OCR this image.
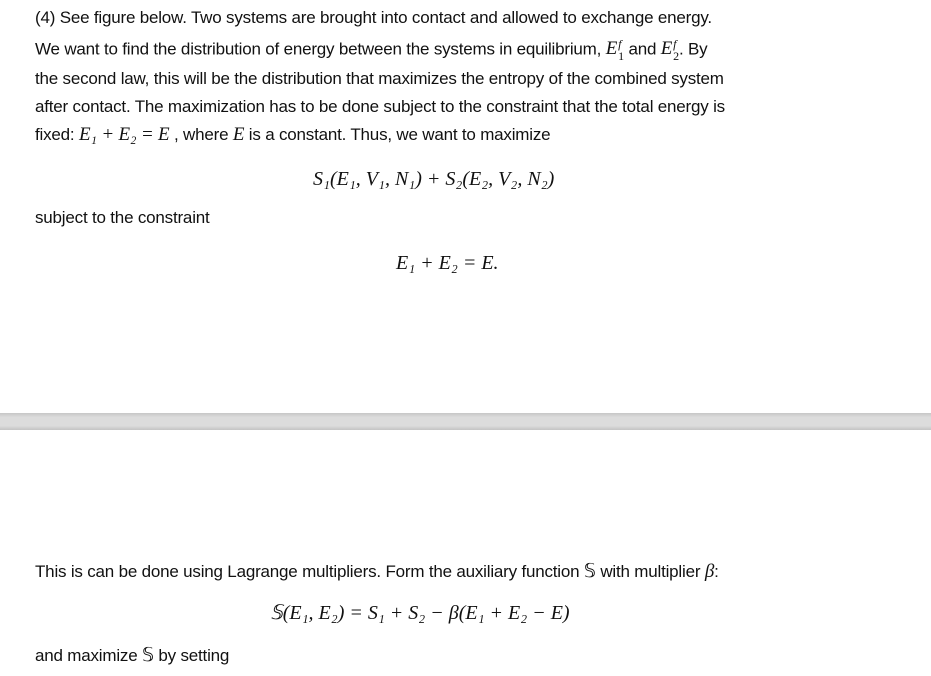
(4) See figure below. Two systems are brought into contact and allowed to exchange energy.
We want to find the distribution of energy between the systems in equilibrium, E f
1 and E f
2 . By
the second law, this will be the distribution that maximizes the entropy of the combined system
after contact. The maximization has to be done subject to the constraint that the total energy is
fixed: E₁ + E₂ = E , where E is a constant. Thus, we want to maximize
S₁(E₁, V₁, N₁) + S₂(E₂, V₂, N₂)
subject to the constraint
E₁ + E₂ = E.
This is can be done using Lagrange multipliers. Form the auxiliary function 𝕊 with multiplier β:
𝕊(E₁, E₂) = S₁ + S₂ − β(E₁ + E₂ − E)
and maximize 𝕊 by setting
